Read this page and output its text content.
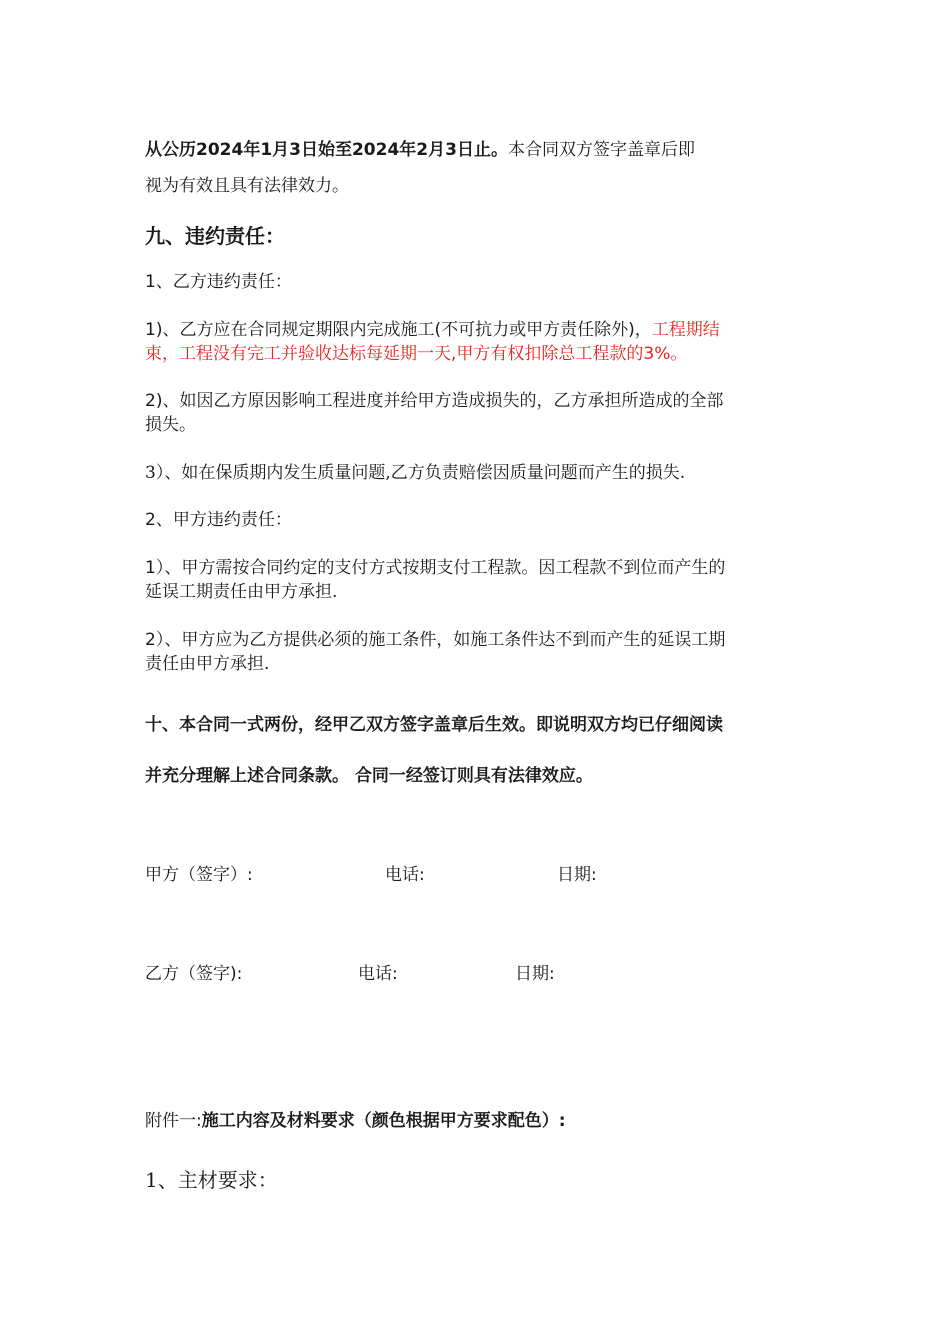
从公历2024年1月3日始至2024年2月3日止。本合同双方签字盖章后即
视为有效且具有法律效力。
九、违约责任：
1、乙方违约责任：
1)、乙方应在合同规定期限内完成施工(不可抗力或甲方责任除外)，工程期结
束，工程没有完工并验收达标每延期一天,甲方有权扣除总工程款的3%。
2)、如因乙方原因影响工程进度并给甲方造成损失的，乙方承担所造成的全部
损失。
3）、如在保质期内发生质量问题,乙方负责赔偿因质量问题而产生的损失.
2、甲方违约责任：
1）、甲方需按合同约定的支付方式按期支付工程款。因工程款不到位而产生的
延误工期责任由甲方承担.
2）、甲方应为乙方提供必须的施工条件，如施工条件达不到而产生的延误工期
责任由甲方承担.
十、本合同一式两份，经甲乙双方签字盖章后生效。即说明双方均已仔细阅读
并充分理解上述合同条款。 合同一经签订则具有法律效应。
甲方（签字）:	电话:	日期:
乙方（签字):	电话:	日期:
附件一:施工内容及材料要求（颜色根据甲方要求配色）:
1、主材要求：
